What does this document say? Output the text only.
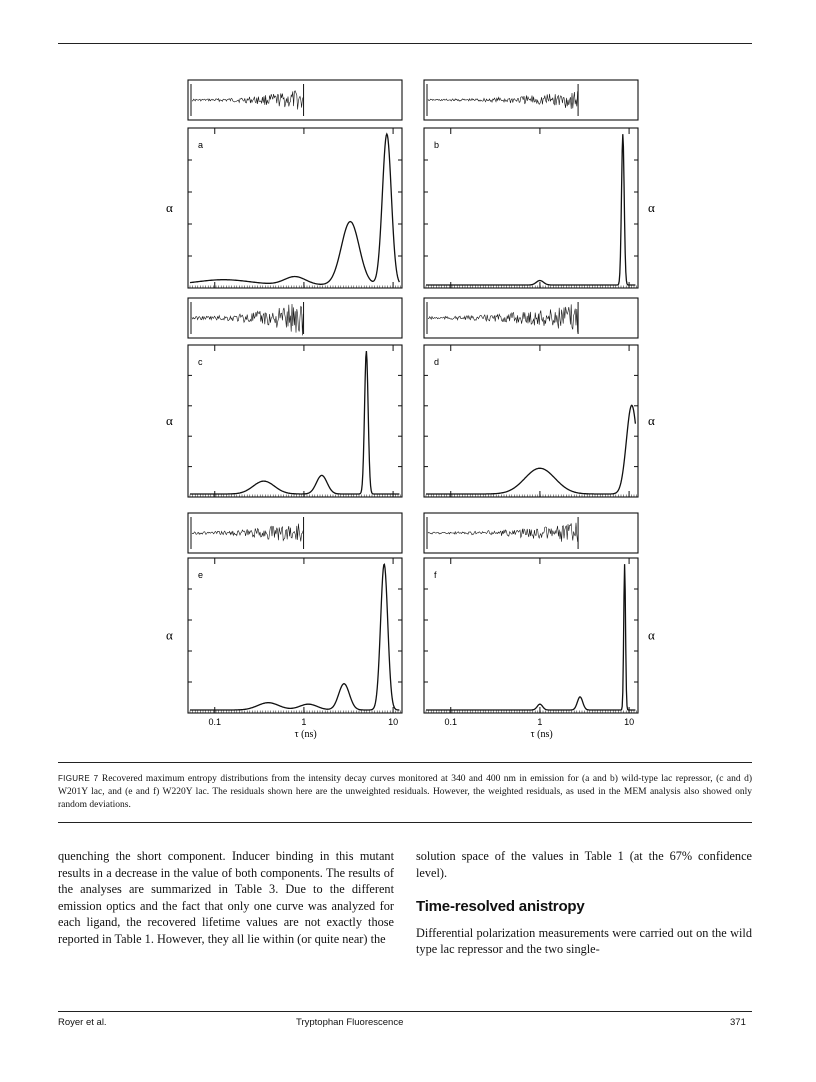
a
α
b
α
c
α
d
α
e
α
0.1	1	10
τ (ns)
f
α
0.1	1	10
τ (ns)
FIGURE 7 Recovered maximum entropy distributions from the intensity decay curves monitored at 340 and 400 nm in emission for (a and b) wild-type lac repressor, (c and d) W201Y lac, and (e and f) W220Y lac. The residuals shown here are the unweighted residuals. However, the weighted residuals, as used in the MEM analysis also showed only random deviations.

quenching the short component. Inducer binding in this mutant results in a decrease in the value of both components. The results of the analyses are summarized in Table 3. Due to the different emission optics and the fact that only one curve was analyzed for each ligand, the recovered lifetime values are not exactly those reported in Table 1. However, they all lie within (or quite near) the

solution space of the values in Table 1 (at the 67% confidence level).

Time-resolved anistropy

Differential polarization measurements were carried out on the wild type lac repressor and the two single-

Royer et al.	Tryptophan Fluorescence	371
